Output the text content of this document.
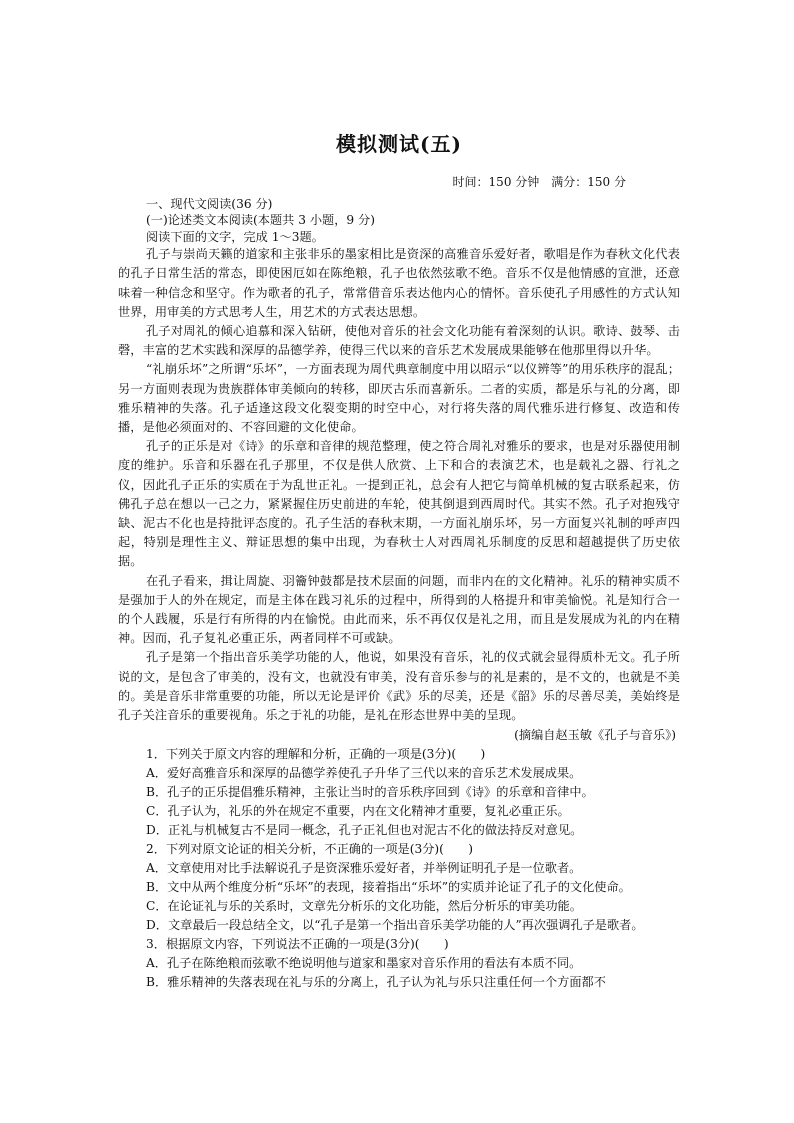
模拟测试(五)
时间：150 分钟　满分：150 分
一、现代文阅读(36 分)
(一)论述类文本阅读(本题共 3 小题，9 分)
阅读下面的文字，完成 1～3题。

孔子与崇尚天籁的道家和主张非乐的墨家相比是资深的高雅音乐爱好者，歌唱是作为春秋文化代表的孔子日常生活的常态，即使困厄如在陈绝粮，孔子也依然弦歌不绝。音乐不仅是他情感的宣泄，还意味着一种信念和坚守。作为歌者的孔子，常常借音乐表达他内心的情怀。音乐使孔子用感性的方式认知世界，用审美的方式思考人生，用艺术的方式表达思想。

孔子对周礼的倾心追慕和深入钻研，使他对音乐的社会文化功能有着深刻的认识。歌诗、鼓琴、击磬，丰富的艺术实践和深厚的品德学养，使得三代以来的音乐艺术发展成果能够在他那里得以升华。

“礼崩乐坏”之所谓“乐坏”，一方面表现为周代典章制度中用以昭示“以仪辨等”的用乐秩序的混乱；另一方面则表现为贵族群体审美倾向的转移，即厌古乐而喜新乐。二者的实质，都是乐与礼的分离，即雅乐精神的失落。孔子适逢这段文化裂变期的时空中心，对行将失落的周代雅乐进行修复、改造和传播，是他必须面对的、不容回避的文化使命。

孔子的正乐是对《诗》的乐章和音律的规范整理，使之符合周礼对雅乐的要求，也是对乐器使用制度的维护。乐音和乐器在孔子那里，不仅是供人欣赏、上下和合的表演艺术，也是载礼之器、行礼之仪，因此孔子正乐的实质在于为乱世正礼。一提到正礼，总会有人把它与简单机械的复古联系起来，仿佛孔子总在想以一己之力，紧紧握住历史前进的车轮，使其倒退到西周时代。其实不然。孔子对抱残守缺、泥古不化也是持批评态度的。孔子生活的春秋末期，一方面礼崩乐坏，另一方面复兴礼制的呼声四起，特别是理性主义、辩证思想的集中出现，为春秋士人对西周礼乐制度的反思和超越提供了历史依据。

在孔子看来，揖让周旋、羽籥钟鼓都是技术层面的问题，而非内在的文化精神。礼乐的精神实质不是强加于人的外在规定，而是主体在践习礼乐的过程中，所得到的人格提升和审美愉悦。礼是知行合一的个人践履，乐是行有所得的内在愉悦。由此而来，乐不再仅仅是礼之用，而且是发展成为礼的内在精神。因而，孔子复礼必重正乐，两者同样不可或缺。

孔子是第一个指出音乐美学功能的人，他说，如果没有音乐，礼的仪式就会显得质朴无文。孔子所说的文，是包含了审美的，没有文，也就没有审美，没有音乐参与的礼是素的，是不文的，也就是不美的。美是音乐非常重要的功能，所以无论是评价《武》乐的尽美，还是《韶》乐的尽善尽美，美始终是孔子关注音乐的重要视角。乐之于礼的功能，是礼在形态世界中美的呈现。

(摘编自赵玉敏《孔子与音乐》)

1．下列关于原文内容的理解和分析，正确的一项是(3分)(　　)

A．爱好高雅音乐和深厚的品德学养使孔子升华了三代以来的音乐艺术发展成果。

B．孔子的正乐提倡雅乐精神，主张让当时的音乐秩序回到《诗》的乐章和音律中。

C．孔子认为，礼乐的外在规定不重要，内在文化精神才重要，复礼必重正乐。

D．正礼与机械复古不是同一概念，孔子正礼但也对泥古不化的做法持反对意见。

2．下列对原文论证的相关分析，不正确的一项是(3分)(　　)

A．文章使用对比手法解说孔子是资深雅乐爱好者，并举例证明孔子是一位歌者。

B．文中从两个维度分析“乐坏”的表现，接着指出“乐坏”的实质并论证了孔子的文化使命。

C．在论证礼与乐的关系时，文章先分析乐的文化功能，然后分析乐的审美功能。

D．文章最后一段总结全文，以“孔子是第一个指出音乐美学功能的人”再次强调孔子是歌者。

3．根据原文内容，下列说法不正确的一项是(3分)(　　)

A．孔子在陈绝粮而弦歌不绝说明他与道家和墨家对音乐作用的看法有本质不同。

B．雅乐精神的失落表现在礼与乐的分离上，孔子认为礼与乐只注重任何一个方面都不
